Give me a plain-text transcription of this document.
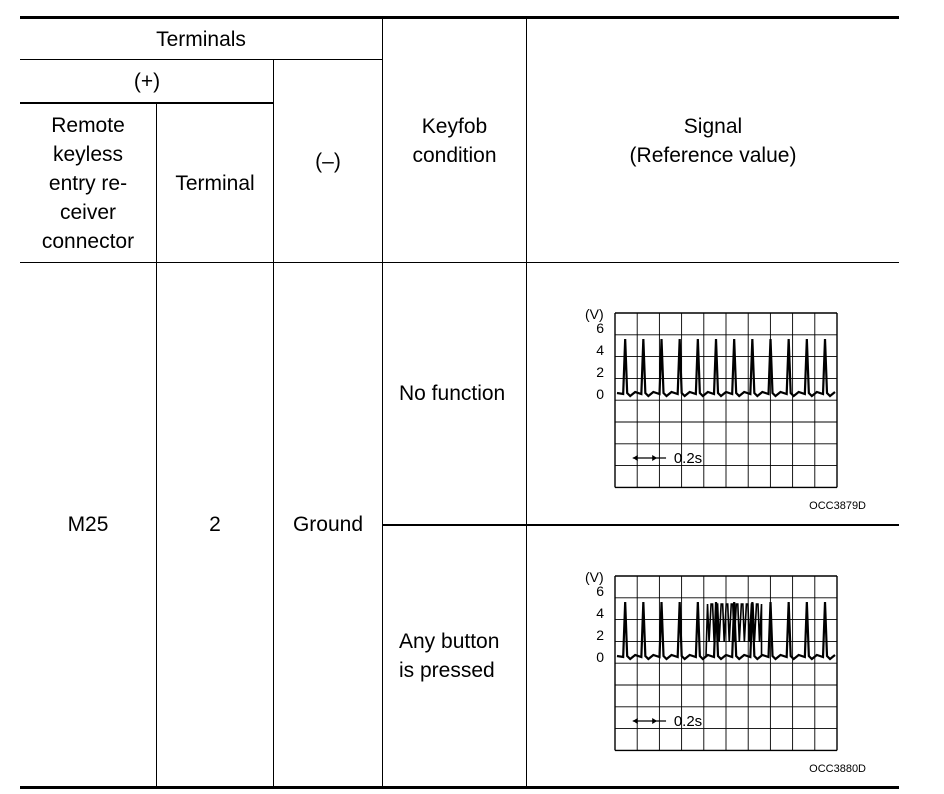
Terminals
(+)
Remote
keyless
entry re-
ceiver
connector
Terminal
(–)
Keyfob
condition
Signal
(Reference value)
M25	2	Ground
No function
Any button
is pressed
(V)
6
4
2
0
0.2s
OCC3879D
(V)
6
4
2
0
0.2s
OCC3880D
